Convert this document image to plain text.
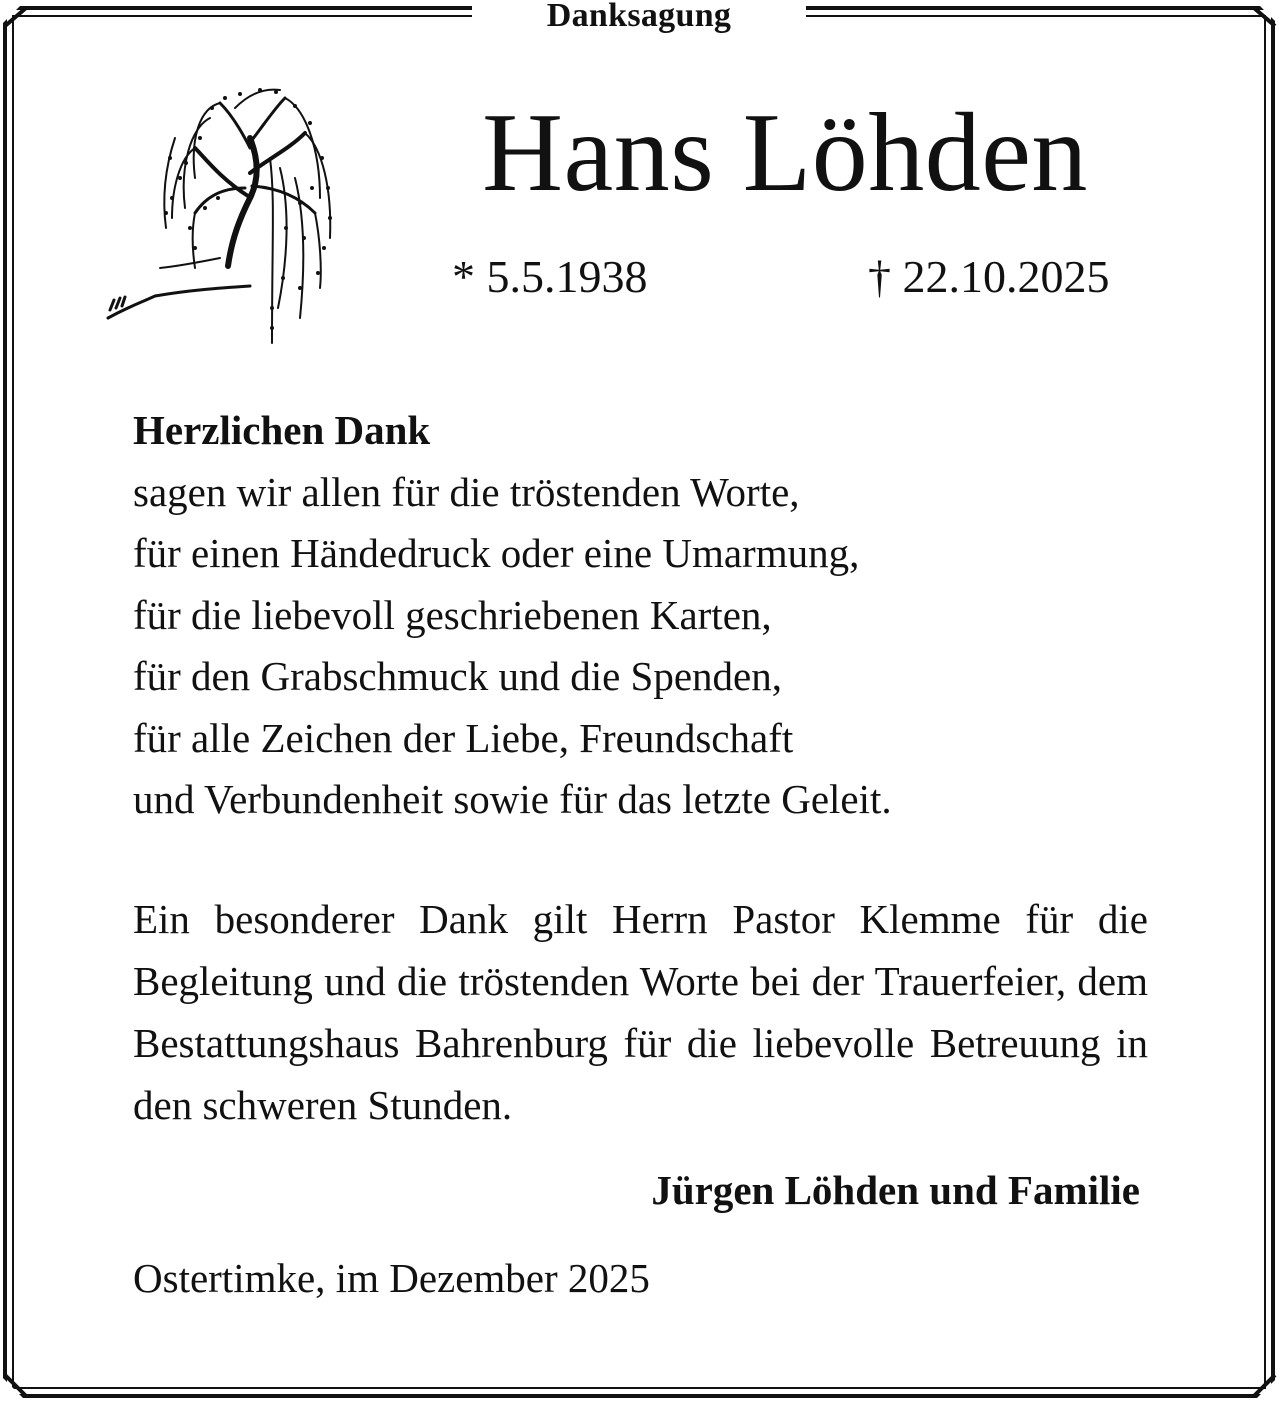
Danksagung
Hans Löhden
* 5.5.1938	† 22.10.2025
Herzlichen Dank
sagen wir allen für die tröstenden Worte,
für einen Händedruck oder eine Umarmung,
für die liebevoll geschriebenen Karten,
für den Grabschmuck und die Spenden,
für alle Zeichen der Liebe, Freundschaft
und Verbundenheit sowie für das letzte Geleit.
Ein besonderer Dank gilt Herrn Pastor Klemme für die Begleitung und die tröstenden Worte bei der Trauerfeier, dem Bestattungshaus Bahrenburg für die liebevolle Betreuung in den schweren Stunden.
Jürgen Löhden und Familie
Ostertimke, im Dezember 2025
